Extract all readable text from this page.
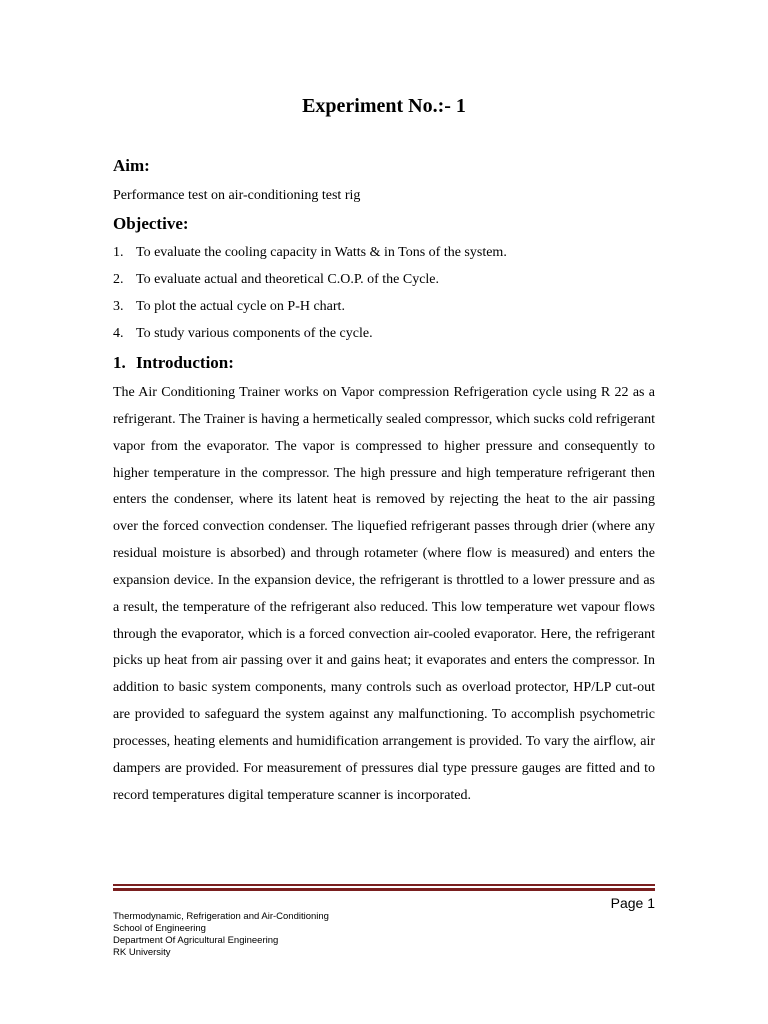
Experiment No.:- 1
Aim:
Performance test on air-conditioning test rig
Objective:
1. To evaluate the cooling capacity in Watts & in Tons of the system.
2. To evaluate actual and theoretical C.O.P. of the Cycle.
3. To plot the actual cycle on P-H chart.
4. To study various components of the cycle.
1. Introduction:

The Air Conditioning Trainer works on Vapor compression Refrigeration cycle using R 22 as a refrigerant. The Trainer is having a hermetically sealed compressor, which sucks cold refrigerant vapor from the evaporator. The vapor is compressed to higher pressure and consequently to higher temperature in the compressor. The high pressure and high temperature refrigerant then enters the condenser, where its latent heat is removed by rejecting the heat to the air passing over the forced convection condenser. The liquefied refrigerant passes through drier (where any residual moisture is absorbed) and through rotameter (where flow is measured) and enters the expansion device. In the expansion device, the refrigerant is throttled to a lower pressure and as a result, the temperature of the refrigerant also reduced. This low temperature wet vapour flows through the evaporator, which is a forced convection air-cooled evaporator. Here, the refrigerant picks up heat from air passing over it and gains heat; it evaporates and enters the compressor. In addition to basic system components, many controls such as overload protector, HP/LP cut-out are provided to safeguard the system against any malfunctioning. To accomplish psychometric processes, heating elements and humidification arrangement is provided. To vary the airflow, air dampers are provided. For measurement of pressures dial type pressure gauges are fitted and to record temperatures digital temperature scanner is incorporated.

Page 1
Thermodynamic, Refrigeration and Air-Conditioning
School of Engineering
Department Of Agricultural Engineering
RK University
